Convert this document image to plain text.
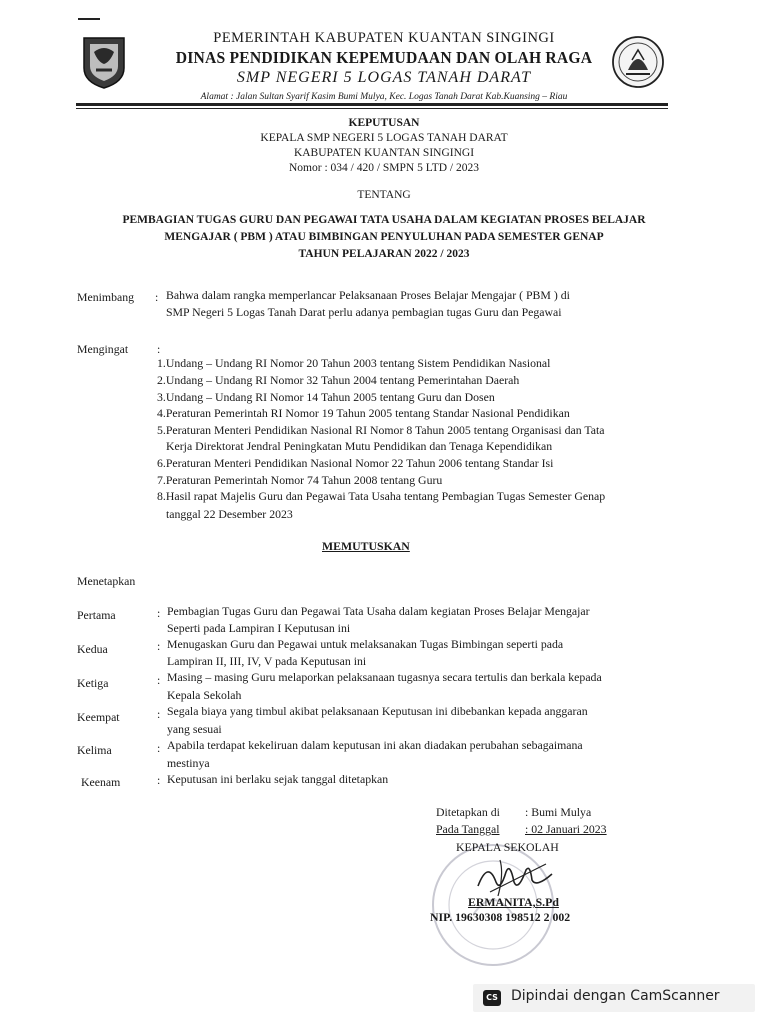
PEMERINTAH KABUPATEN KUANTAN SINGINGI
DINAS PENDIDIKAN KEPEMUDAAN DAN OLAH RAGA
SMP NEGERI 5 LOGAS TANAH DARAT
Alamat : Jalan Sultan Syarif Kasim Bumi Mulya, Kec. Logas Tanah Darat Kab.Kuansing – Riau
KEPUTUSAN
KEPALA SMP NEGERI 5 LOGAS TANAH DARAT
KABUPATEN KUANTAN SINGINGI
Nomor : 034 / 420 / SMPN 5 LTD / 2023
TENTANG
PEMBAGIAN TUGAS GURU DAN PEGAWAI TATA USAHA DALAM KEGIATAN PROSES BELAJAR
MENGAJAR ( PBM ) ATAU BIMBINGAN PENYULUHAN PADA SEMESTER GENAP
TAHUN PELAJARAN 2022 / 2023
Menimbang : Bahwa dalam rangka memperlancar Pelaksanaan Proses Belajar Mengajar ( PBM ) di
SMP Negeri 5 Logas Tanah Darat perlu adanya pembagian tugas Guru dan Pegawai
Mengingat :
1.Undang – Undang RI Nomor 20 Tahun 2003 tentang Sistem Pendidikan Nasional
2.Undang – Undang RI Nomor 32 Tahun 2004 tentang Pemerintahan Daerah
3.Undang – Undang RI Nomor 14 Tahun 2005 tentang Guru dan Dosen
4.Peraturan Pemerintah RI Nomor 19 Tahun 2005 tentang Standar Nasional Pendidikan
5.Peraturan Menteri Pendidikan Nasional RI Nomor 8 Tahun 2005 tentang Organisasi dan Tata
Kerja Direktorat Jendral Peningkatan Mutu Pendidikan dan Tenaga Kependidikan
6.Peraturan Menteri Pendidikan Nasional Nomor 22 Tahun 2006 tentang Standar Isi
7.Peraturan Pemerintah Nomor 74 Tahun 2008 tentang Guru
8.Hasil rapat Majelis Guru dan Pegawai Tata Usaha tentang Pembagian Tugas Semester Genap
tanggal 22 Desember 2023
MEMUTUSKAN
Menetapkan
Pertama	: Pembagian Tugas Guru dan Pegawai Tata Usaha dalam kegiatan Proses Belajar Mengajar
Seperti pada Lampiran I Keputusan ini
Kedua	: Menugaskan Guru dan Pegawai untuk melaksanakan Tugas Bimbingan seperti pada
Lampiran II, III, IV, V pada Keputusan ini
Ketiga	: Masing – masing Guru melaporkan pelaksanaan tugasnya secara tertulis dan berkala kepada
Kepala Sekolah
Keempat	: Segala biaya yang timbul akibat pelaksanaan Keputusan ini dibebankan kepada anggaran
yang sesuai
Kelima	: Apabila terdapat kekeliruan dalam keputusan ini akan diadakan perubahan sebagaimana
mestinya
Keenam	: Keputusan ini berlaku sejak tanggal ditetapkan
Ditetapkan di : Bumi Mulya
Pada Tanggal : 02 Januari 2023
KEPALA SEKOLAH
ERMANITA,S.Pd
NIP. 19630308 198512 2 002
CS Dipindai dengan CamScanner
